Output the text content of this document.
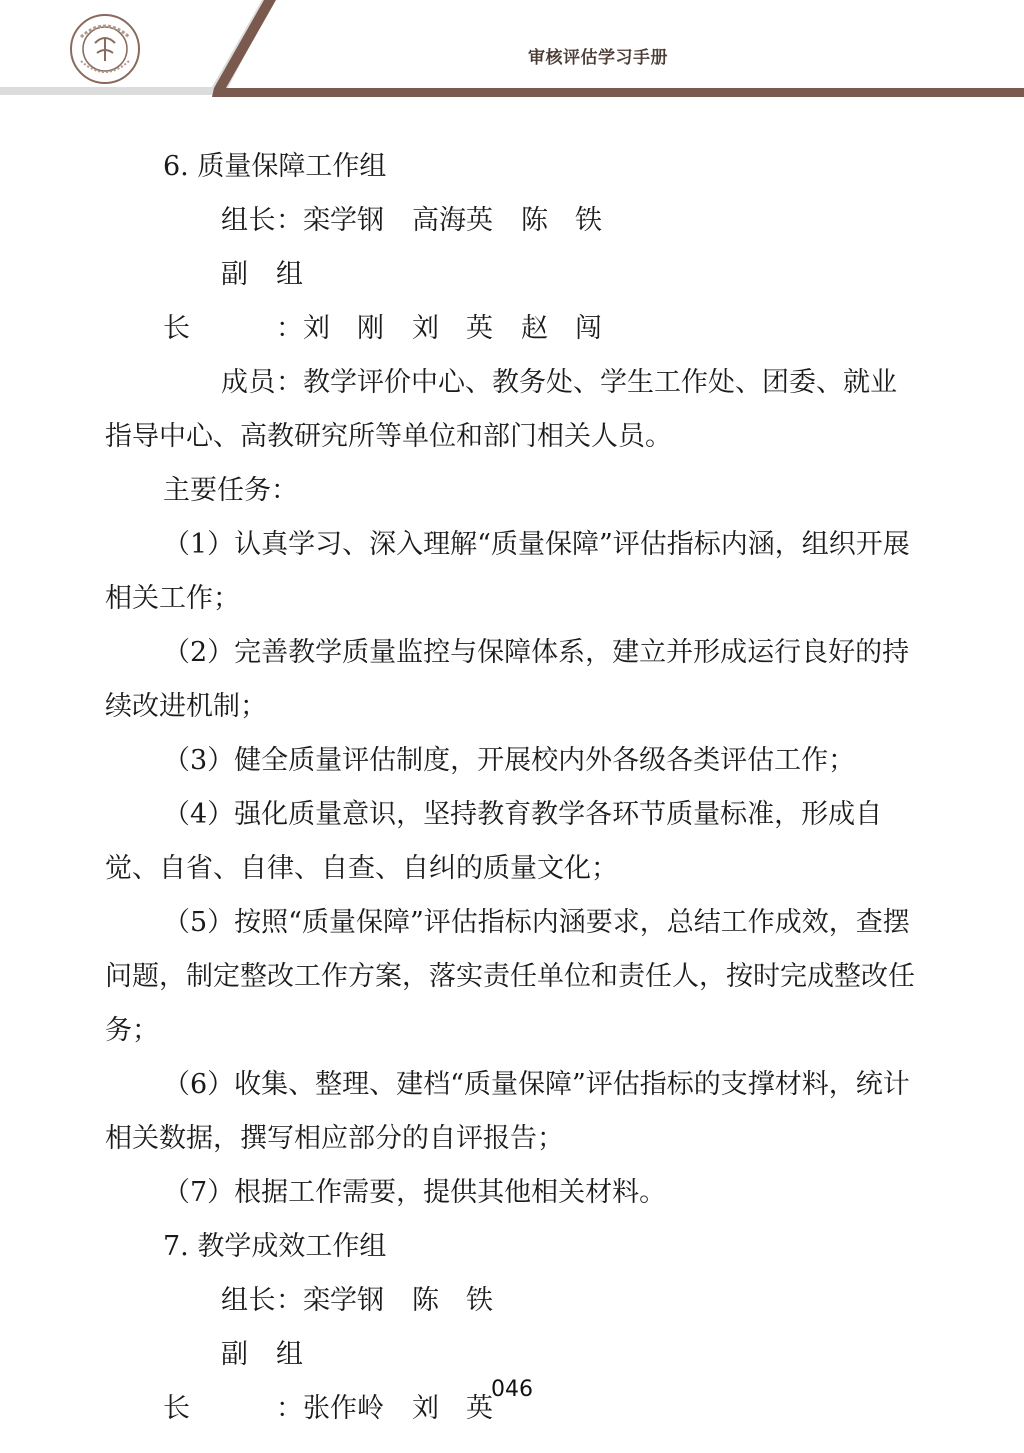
审核评估学习手册

6. 质量保障工作组

组长：栾学钢 高海英 陈　铁

副组长：刘　刚 刘　英 赵　闯

成员：教学评价中心、教务处、学生工作处、团委、就业指导中心、高教研究所等单位和部门相关人员。

主要任务：

（1）认真学习、深入理解“质量保障”评估指标内涵，组织开展相关工作；

（2）完善教学质量监控与保障体系，建立并形成运行良好的持续改进机制；

（3）健全质量评估制度，开展校内外各级各类评估工作；

（4）强化质量意识，坚持教育教学各环节质量标准，形成自觉、自省、自律、自查、自纠的质量文化；

（5）按照“质量保障”评估指标内涵要求，总结工作成效，查摆问题，制定整改工作方案，落实责任单位和责任人，按时完成整改任务；

（6）收集、整理、建档“质量保障”评估指标的支撑材料，统计相关数据，撰写相应部分的自评报告；

（7）根据工作需要，提供其他相关材料。

7. 教学成效工作组

组长：栾学钢 陈　铁

副组长：张作岭 刘　英

046
